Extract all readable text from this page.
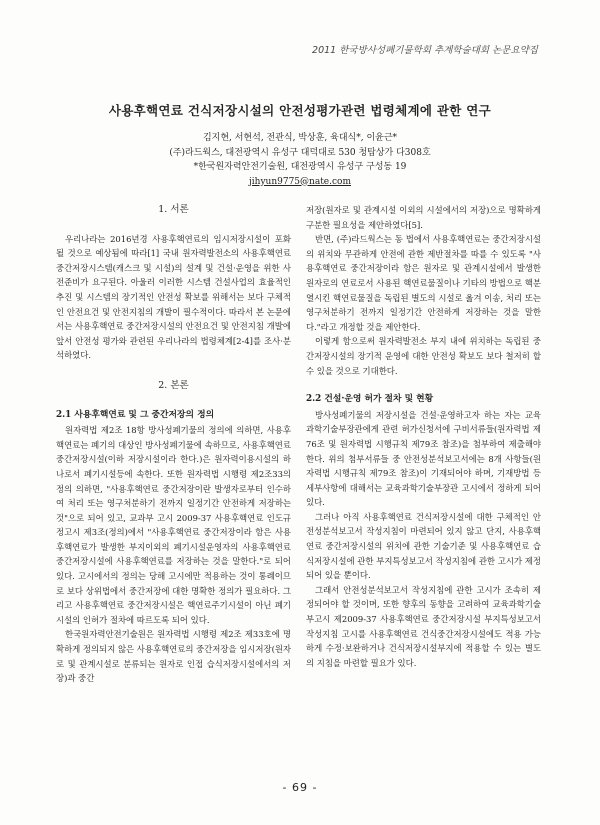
2011 한국방사성폐기물학회 추계학술대회 논문요약집
사용후핵연료 건식저장시설의 안전성평가관련 법령체계에 관한 연구
김지현, 서현석, 전관식, 박상훈, 육대식*, 이윤근*
(주)라드웍스, 대전광역시 유성구 대덕대로 530 청탑상가 다308호
*한국원자력안전기술원, 대전광역시 유성구 구성동 19
jihyun9775@nate.com
1. 서론

우리나라는 2016년경 사용후핵연료의 임시저장시설이 포화될 것으로 예상됨에 따라[1] 국내 원자력발전소의 사용후핵연료 중간저장시스템(캐스크 및 시설)의 설계 및 건설·운영을 위한 사전준비가 요구된다. 아울러 이러한 시스템 건설사업의 효율적인 추진 및 시스템의 장기적인 안전성 확보를 위해서는 보다 구체적인 안전요건 및 안전지침의 개발이 필수적이다. 따라서 본 논문에서는 사용후핵연료 중간저장시설의 안전요건 및 안전지침 개발에 앞서 안전성 평가와 관련된 우리나라의 법령체계[2-4]를 조사·분석하였다.

2. 본론
2.1 사용후핵연료 및 그 중간저장의 정의

원자력법 제2조 18항 방사성폐기물의 정의에 의하면, 사용후핵연료는 폐기의 대상인 방사성폐기물에 속하므로, 사용후핵연료 중간저장시설(이하 저장시설이라 한다.)은 원자력이용시설의 하나로서 폐기시설등에 속한다. 또한 원자력법 시행령 제2조33의 정의 의하면, "사용후핵연료 중간저장이란 발생자로부터 인수하여 처리 또는 영구처분하기 전까지 일정기간 안전하게 저장하는 것"으로 되어 있고, 교과부 고시 2009-37 사용후핵연료 인도규정고시 제3조(정의)에서 "사용후핵연료 중간저장이라 함은 사용후핵연료가 발생한 부지이외의 폐기시설운영자의 사용후핵연료 중간저장시설에 사용후핵연료를 저장하는 것을 말한다."로 되어 있다. 고시에서의 정의는 당해 고시에만 적용하는 것이 통례이므로 보다 상위법에서 중간저장에 대한 명확한 정의가 필요하다. 그리고 사용후핵연료 중간저장시설은 핵연료주기시설이 아닌 폐기시설의 인허가 절차에 따르도록 되어 있다.

한국원자력안전기술원은 원자력법 시행령 제2조 제33호에 명확하게 정의되지 않은 사용후핵연료의 중간저장을 임시저장(원자로 및 관계시설로 분류되는 원자로 인접 습식저장시설에서의 저장)과 중간

저장(원자로 및 관계시설 이외의 시설에서의 저장)으로 명확하게 구분한 필요성을 제안하였다[5].

반면, (주)라드웍스는 동 법에서 사용후핵연료는 중간저장시설의 위치와 무관하게 안전에 관한 제반절차를 따를 수 있도록 "사용후핵연료 중간저장이라 함은 원자로 및 관계시설에서 발생한 원자로의 연료로서 사용된 핵연료물질이나 기타의 방법으로 핵분열시킨 핵연료물질을 독립된 별도의 시설로 옮겨 이송, 처리 또는 영구처분하기 전까지 일정기간 안전하게 저장하는 것을 말한다."라고 개정할 것을 제안한다.

이렇게 함으로써 원자력발전소 부지 내에 위치하는 독립된 중간저장시설의 장기적 운영에 대한 안전성 확보도 보다 철저히 할 수 있을 것으로 기대한다.

2.2 건설·운영 허가 절차 및 현황

방사성폐기물의 저장시설을 건설·운영하고자 하는 자는 교육과학기술부장관에게 관련 허가신청서에 구비서류들(원자력법 제76조 및 원자력법 시행규칙 제79조 참조)을 첨부하여 제출해야 한다. 위의 첨부서류들 중 안전성분석보고서에는 8개 사항들(원자력법 시행규칙 제79조 참조)이 기재되어야 하며, 기재방법 등 세부사항에 대해서는 교육과학기술부장관 고시에서 정하게 되어 있다.

그러나 아직 사용후핵연료 건식저장시설에 대한 구체적인 안전성분석보고서 작성지침이 마련되어 있지 않고 단지, 사용후핵연료 중간저장시설의 위치에 관한 기술기준 및 사용후핵연료 습식저장시설에 관한 부지특성보고서 작성지침에 관한 고시가 제정되어 있을 뿐이다.

그래서 안전성분석보고서 작성지침에 관한 고시가 조속히 제정되어야 할 것이며, 또한 향후의 동향을 고려하여 교육과학기술부고시 제2009-37 사용후핵연료 중간저장시설 부지특성보고서 작성지침 고시를 사용후핵연료 건식중간저장시설에도 적용 가능하게 수정·보완하거나 건식저장시설부지에 적용할 수 있는 별도의 지침을 마련할 필요가 있다.

- 69 -
